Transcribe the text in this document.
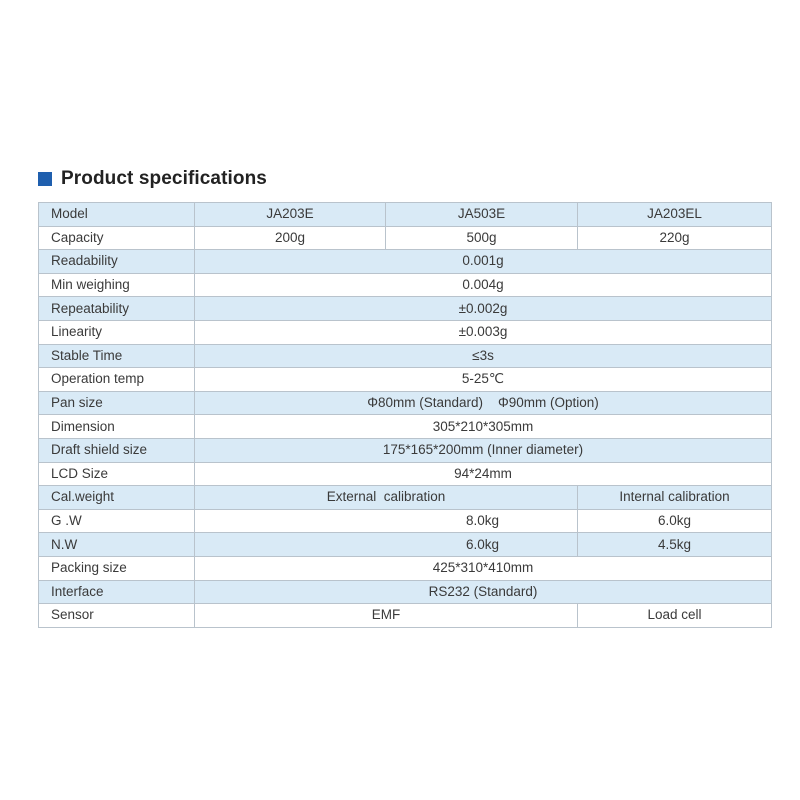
Product specifications
Model	JA203E	JA503E	JA203EL
Capacity	200g	500g	220g
Readability	0.001g		
Min weighing	0.004g		
Repeatability	±0.002g		
Linearity	±0.003g		
Stable Time	≤3s		
Operation temp	5-25℃		
Pan size	Φ80mm (Standard)    Φ90mm (Option)		
Dimension	305*210*305mm		
Draft shield size	175*165*200mm (Inner diameter)		
LCD Size	94*24mm		
Cal.weight	External  calibration		Internal calibration
G .W	8.0kg		6.0kg
N.W	6.0kg		4.5kg
Packing size	425*310*410mm		
Interface	RS232 (Standard)		
Sensor	EMF		Load cell
